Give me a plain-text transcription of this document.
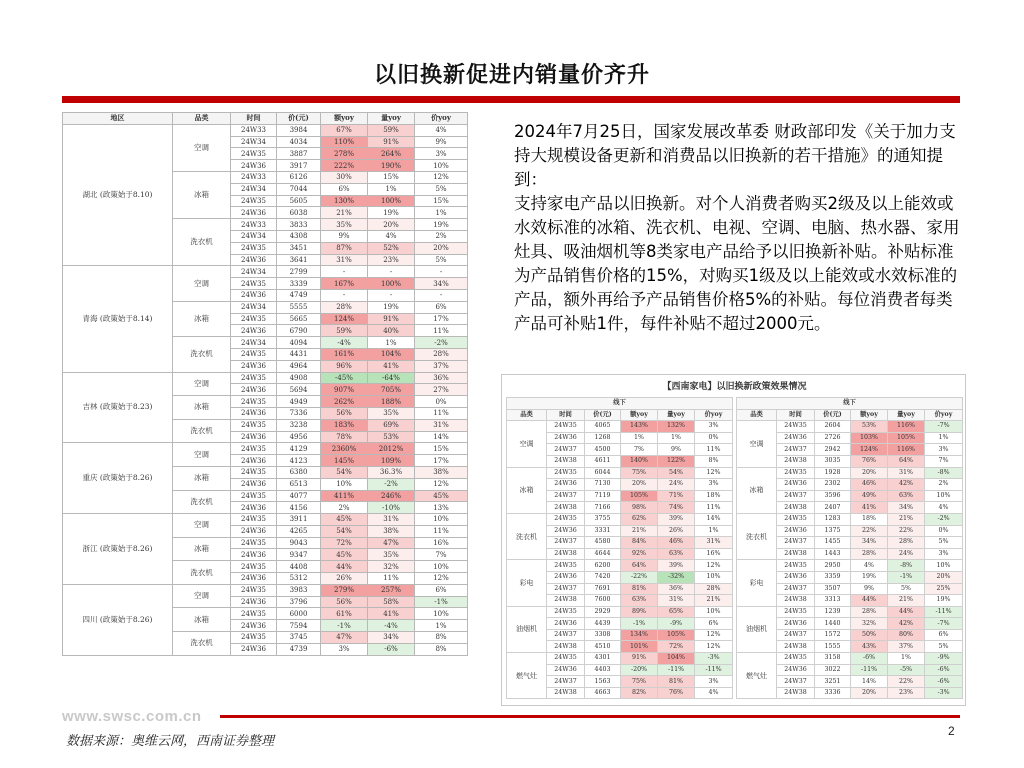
以旧换新促进内销量价齐升
地区	品类	时间	价(元)	额yoy	量yoy	价yoy
湖北 (政策始于8.10)	空调	24W33	3984	67%	59%	4%
		24W34	4034	110%	91%	9%
		24W35	3887	278%	264%	3%
		24W36	3917	222%	190%	10%
	冰箱	24W33	6126	30%	15%	12%
		24W34	7044	6%	1%	5%
		24W35	5605	130%	100%	15%
		24W36	6038	21%	19%	1%
	洗衣机	24W33	3833	35%	20%	19%
		24W34	4308	9%	4%	2%
		24W35	3451	87%	52%	20%
		24W36	3641	31%	23%	5%
青海 (政策始于8.14)	空调	24W34	2799	-	-	-
		24W35	3339	167%	100%	34%
		24W36	4749	-	-	-
	冰箱	24W34	5555	28%	19%	6%
		24W35	5665	124%	91%	17%
		24W36	6790	59%	40%	11%
	洗衣机	24W34	4094	-4%	1%	-2%
		24W35	4431	161%	104%	28%
		24W36	4964	96%	41%	37%
吉林 (政策始于8.23)	空调	24W35	4908	-45%	-64%	36%
		24W36	5694	907%	705%	27%
	冰箱	24W35	4949	262%	188%	0%
		24W36	7336	56%	35%	11%
	洗衣机	24W35	3238	183%	69%	31%
		24W36	4956	78%	53%	14%
重庆 (政策始于8.26)	空调	24W35	4129	2360%	2012%	15%
		24W36	4123	145%	109%	17%
	冰箱	24W35	6380	54%	36.3%	38%
		24W36	6513	10%	-2%	12%
	洗衣机	24W35	4077	411%	246%	45%
		24W36	4156	2%	-10%	13%
浙江 (政策始于8.26)	空调	24W35	3911	45%	31%	10%
		24W36	4265	54%	38%	11%
	冰箱	24W35	9043	72%	47%	16%
		24W36	9347	45%	35%	7%
	洗衣机	24W35	4408	44%	32%	10%
		24W36	5312	26%	11%	12%
四川 (政策始于8.26)	空调	24W35	3983	279%	257%	6%
		24W36	3796	56%	58%	-1%
	冰箱	24W35	6000	61%	41%	10%
		24W36	7594	-1%	-4%	1%
	洗衣机	24W35	3745	47%	34%	8%
		24W36	4739	3%	-6%	8%

2024年7月25日，国家发展改革委 财政部印发《关于加力支持大规模设备更新和消费品以旧换新的若干措施》的通知提到：

支持家电产品以旧换新。对个人消费者购买2级及以上能效或水效标准的冰箱、洗衣机、电视、空调、电脑、热水器、家用灶具、吸油烟机等8类家电产品给予以旧换新补贴。补贴标准为产品销售价格的15%，对购买1级及以上能效或水效标准的产品，额外再给予产品销售价格5%的补贴。每位消费者每类产品可补贴1件，每件补贴不超过2000元。

【西南家电】以旧换新政策效果情况
线下					
品类	时间	价(元)	额yoy	量yoy	价yoy
空调	24W35	4065	143%	132%	3%
	24W36	1268	1%	1%	0%
	24W37	4500	7%	9%	11%
	24W38	4611	140%	122%	8%
冰箱	24W35	6044	75%	54%	12%
	24W36	7130	20%	24%	3%
	24W37	7119	105%	71%	18%
	24W38	7166	98%	74%	11%
洗衣机	24W35	3755	62%	39%	14%
	24W36	3331	21%	26%	1%
	24W37	4580	84%	46%	31%
	24W38	4644	92%	63%	16%
彩电	24W35	6200	64%	39%	12%
	24W36	7420	-22%	-32%	10%
	24W37	7691	81%	36%	28%
	24W38	7600	63%	31%	21%
油烟机	24W35	2929	89%	65%	10%
	24W36	4439	-1%	-9%	6%
	24W37	3308	134%	105%	12%
	24W38	4510	101%	72%	12%
燃气灶	24W35	4301	91%	104%	-3%
	24W36	4403	-20%	-11%	-11%
	24W37	1563	75%	81%	3%
	24W38	4663	82%	76%	4%
线下					
品类	时间	价(元)	额yoy	量yoy	价yoy
空调	24W35	2604	53%	116%	-7%
	24W36	2726	103%	105%	1%
	24W37	2942	124%	116%	3%
	24W38	3035	76%	64%	7%
冰箱	24W35	1928	20%	31%	-8%
	24W36	2302	46%	42%	2%
	24W37	3596	49%	63%	10%
	24W38	2407	41%	34%	4%
洗衣机	24W35	1283	18%	21%	-2%
	24W36	1375	22%	22%	0%
	24W37	1455	34%	28%	5%
	24W38	1443	28%	24%	3%
彩电	24W35	2950	4%	-8%	10%
	24W36	3359	19%	-1%	20%
	24W37	3507	9%	5%	25%
	24W38	3313	44%	21%	19%
油烟机	24W35	1239	28%	44%	-11%
	24W36	1440	32%	42%	-7%
	24W37	1572	50%	80%	6%
	24W38	1555	43%	37%	5%
燃气灶	24W35	3158	-6%	1%	-9%
	24W36	3022	-11%	-5%	-6%
	24W37	3251	14%	22%	-6%
	24W38	3336	20%	23%	-3%
www.swsc.com.cn
数据来源：奥维云网，西南证券整理
2
